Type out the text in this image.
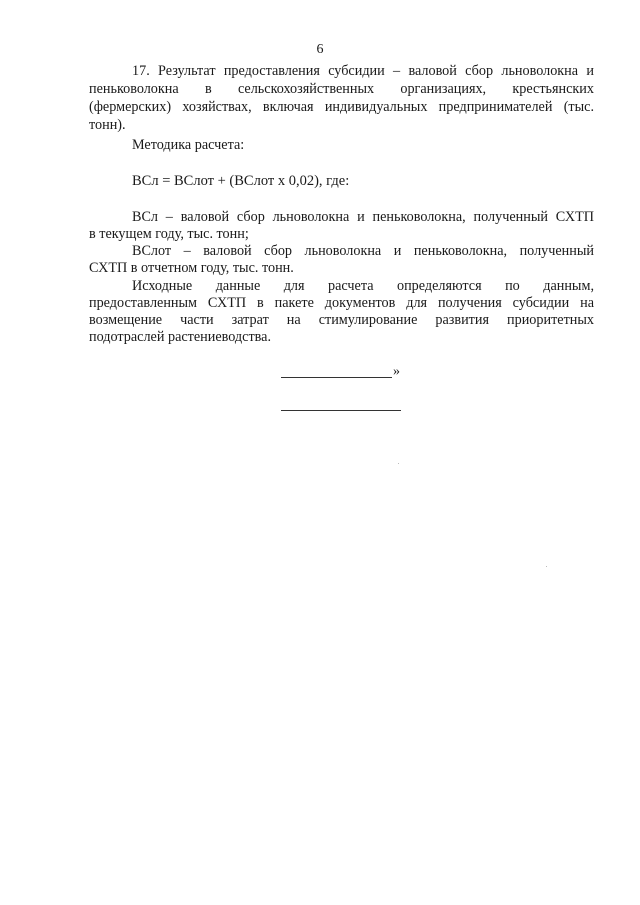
6
17. Результат предоставления субсидии – валовой сбор льноволокна и
пеньковолокна в сельскохозяйственных организациях, крестьянских
(фермерских) хозяйствах, включая индивидуальных предпринимателей (тыс.
тонн).
Методика расчета:
ВСл = ВСлот + (ВСлот х 0,02), где:
ВСл – валовой сбор льноволокна и пеньковолокна, полученный СХТП
в текущем году, тыс. тонн;
ВСлот – валовой сбор льноволокна и пеньковолокна, полученный
СХТП в отчетном году, тыс. тонн.
Исходные данные для расчета определяются по данным,
предоставленным СХТП в пакете документов для получения субсидии на
возмещение части затрат на стимулирование развития приоритетных
подотраслей растениеводства.
»
